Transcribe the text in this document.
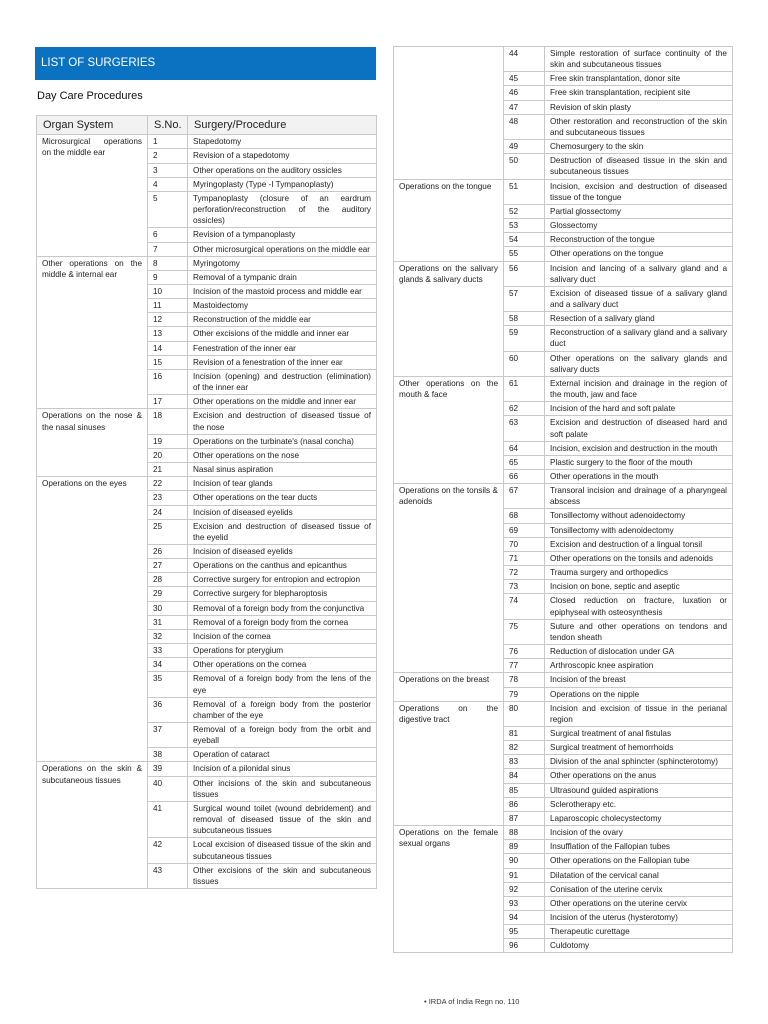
LIST OF SURGERIES
Day Care Procedures
Organ System	S.No.	Surgery/Procedure
Microsurgical operations on the middle ear	1	Stapedotomy
	2	Revision of a stapedotomy
	3	Other operations on the auditory ossicles
	4	Myringoplasty (Type -I Tympanoplasty)
	5	Tympanoplasty (closure of an eardrum perforation/reconstruction of the auditory ossicles)
	6	Revision of a tympanoplasty
	7	Other microsurgical operations on the middle ear
Other operations on the middle & internal ear	8	Myringotomy
	9	Removal of a tympanic drain
	10	Incision of the mastoid process and middle ear
	11	Mastoidectomy
	12	Reconstruction of the middle ear
	13	Other excisions of the middle and inner ear
	14	Fenestration of the inner ear
	15	Revision of a fenestration of the inner ear
	16	Incision (opening) and destruction (elimination) of the inner ear
	17	Other operations on the middle and inner ear
Operations on the nose & the nasal sinuses	18	Excision and destruction of diseased tissue of the nose
	19	Operations on the turbinate's (nasal concha)
	20	Other operations on the nose
	21	Nasal sinus aspiration
Operations on the eyes	22	Incision of tear glands
	23	Other operations on the tear ducts
	24	Incision of diseased eyelids
	25	Excision and destruction of diseased tissue of the eyelid
	26	Incision of diseased eyelids
	27	Operations on the canthus and epicanthus
	28	Corrective surgery for entropion and ectropion
	29	Corrective surgery for blepharoptosis
	30	Removal of a foreign body from the conjunctiva
	31	Removal of a foreign body from the cornea
	32	Incision of the cornea
	33	Operations for pterygium
	34	Other operations on the cornea
	35	Removal of a foreign body from the lens of the eye
	36	Removal of a foreign body from the posterior chamber of the eye
	37	Removal of a foreign body from the orbit and eyeball
	38	Operation of cataract
Operations on the skin & subcutaneous tissues	39	Incision of a pilonidal sinus
	40	Other incisions of the skin and subcutaneous tissues
	41	Surgical wound toilet (wound debridement) and removal of diseased tissue of the skin and subcutaneous tissues
	42	Local excision of diseased tissue of the skin and subcutaneous tissues
	43	Other excisions of the skin and subcutaneous tissues
	44	Simple restoration of surface continuity of the skin and subcutaneous tissues
	45	Free skin transplantation, donor site
	46	Free skin transplantation, recipient site
	47	Revision of skin plasty
	48	Other restoration and reconstruction of the skin and subcutaneous tissues
	49	Chemosurgery to the skin
	50	Destruction of diseased tissue in the skin and subcutaneous tissues
Operations on the tongue	51	Incision, excision and destruction of diseased tissue of the tongue
	52	Partial glossectomy
	53	Glossectomy
	54	Reconstruction of the tongue
	55	Other operations on the tongue
Operations on the salivary glands & salivary ducts	56	Incision and lancing of a salivary gland and a salivary duct
	57	Excision of diseased tissue of a salivary gland and a salivary duct
	58	Resection of a salivary gland
	59	Reconstruction of a salivary gland and a salivary duct
	60	Other operations on the salivary glands and salivary ducts
Other operations on the mouth & face	61	External incision and drainage in the region of the mouth, jaw and face
	62	Incision of the hard and soft palate
	63	Excision and destruction of diseased hard and soft palate
	64	Incision, excision and destruction in the mouth
	65	Plastic surgery to the floor of the mouth
	66	Other operations in the mouth
Operations on the tonsils & adenoids	67	Transoral incision and drainage of a pharyngeal abscess
	68	Tonsillectomy without adenoidectomy
	69	Tonsillectomy with adenoidectomy
	70	Excision and destruction of a lingual tonsil
	71	Other operations on the tonsils and adenoids
	72	Trauma surgery and orthopedics
	73	Incision on bone, septic and aseptic
	74	Closed reduction on fracture, luxation or epiphyseal with osteosynthesis
	75	Suture and other operations on tendons and tendon sheath
	76	Reduction of dislocation under GA
	77	Arthroscopic knee aspiration
Operations on the breast	78	Incision of the breast
	79	Operations on the nipple
Operations on the digestive tract	80	Incision and excision of tissue in the perianal region
	81	Surgical treatment of anal fistulas
	82	Surgical treatment of hemorrhoids
	83	Division of the anal sphincter (sphincterotomy)
	84	Other operations on the anus
	85	Ultrasound guided aspirations
	86	Sclerotherapy etc.
	87	Laparoscopic cholecystectomy
Operations on the female sexual organs	88	Incision of the ovary
	89	Insufflation of the Fallopian tubes
	90	Other operations on the Fallopian tube
	91	Dilatation of the cervical canal
	92	Conisation of the uterine cervix
	93	Other operations on the uterine cervix
	94	Incision of the uterus (hysterotomy)
	95	Therapeutic curettage
	96	Culdotomy
• IRDA of India Regn no. 110
